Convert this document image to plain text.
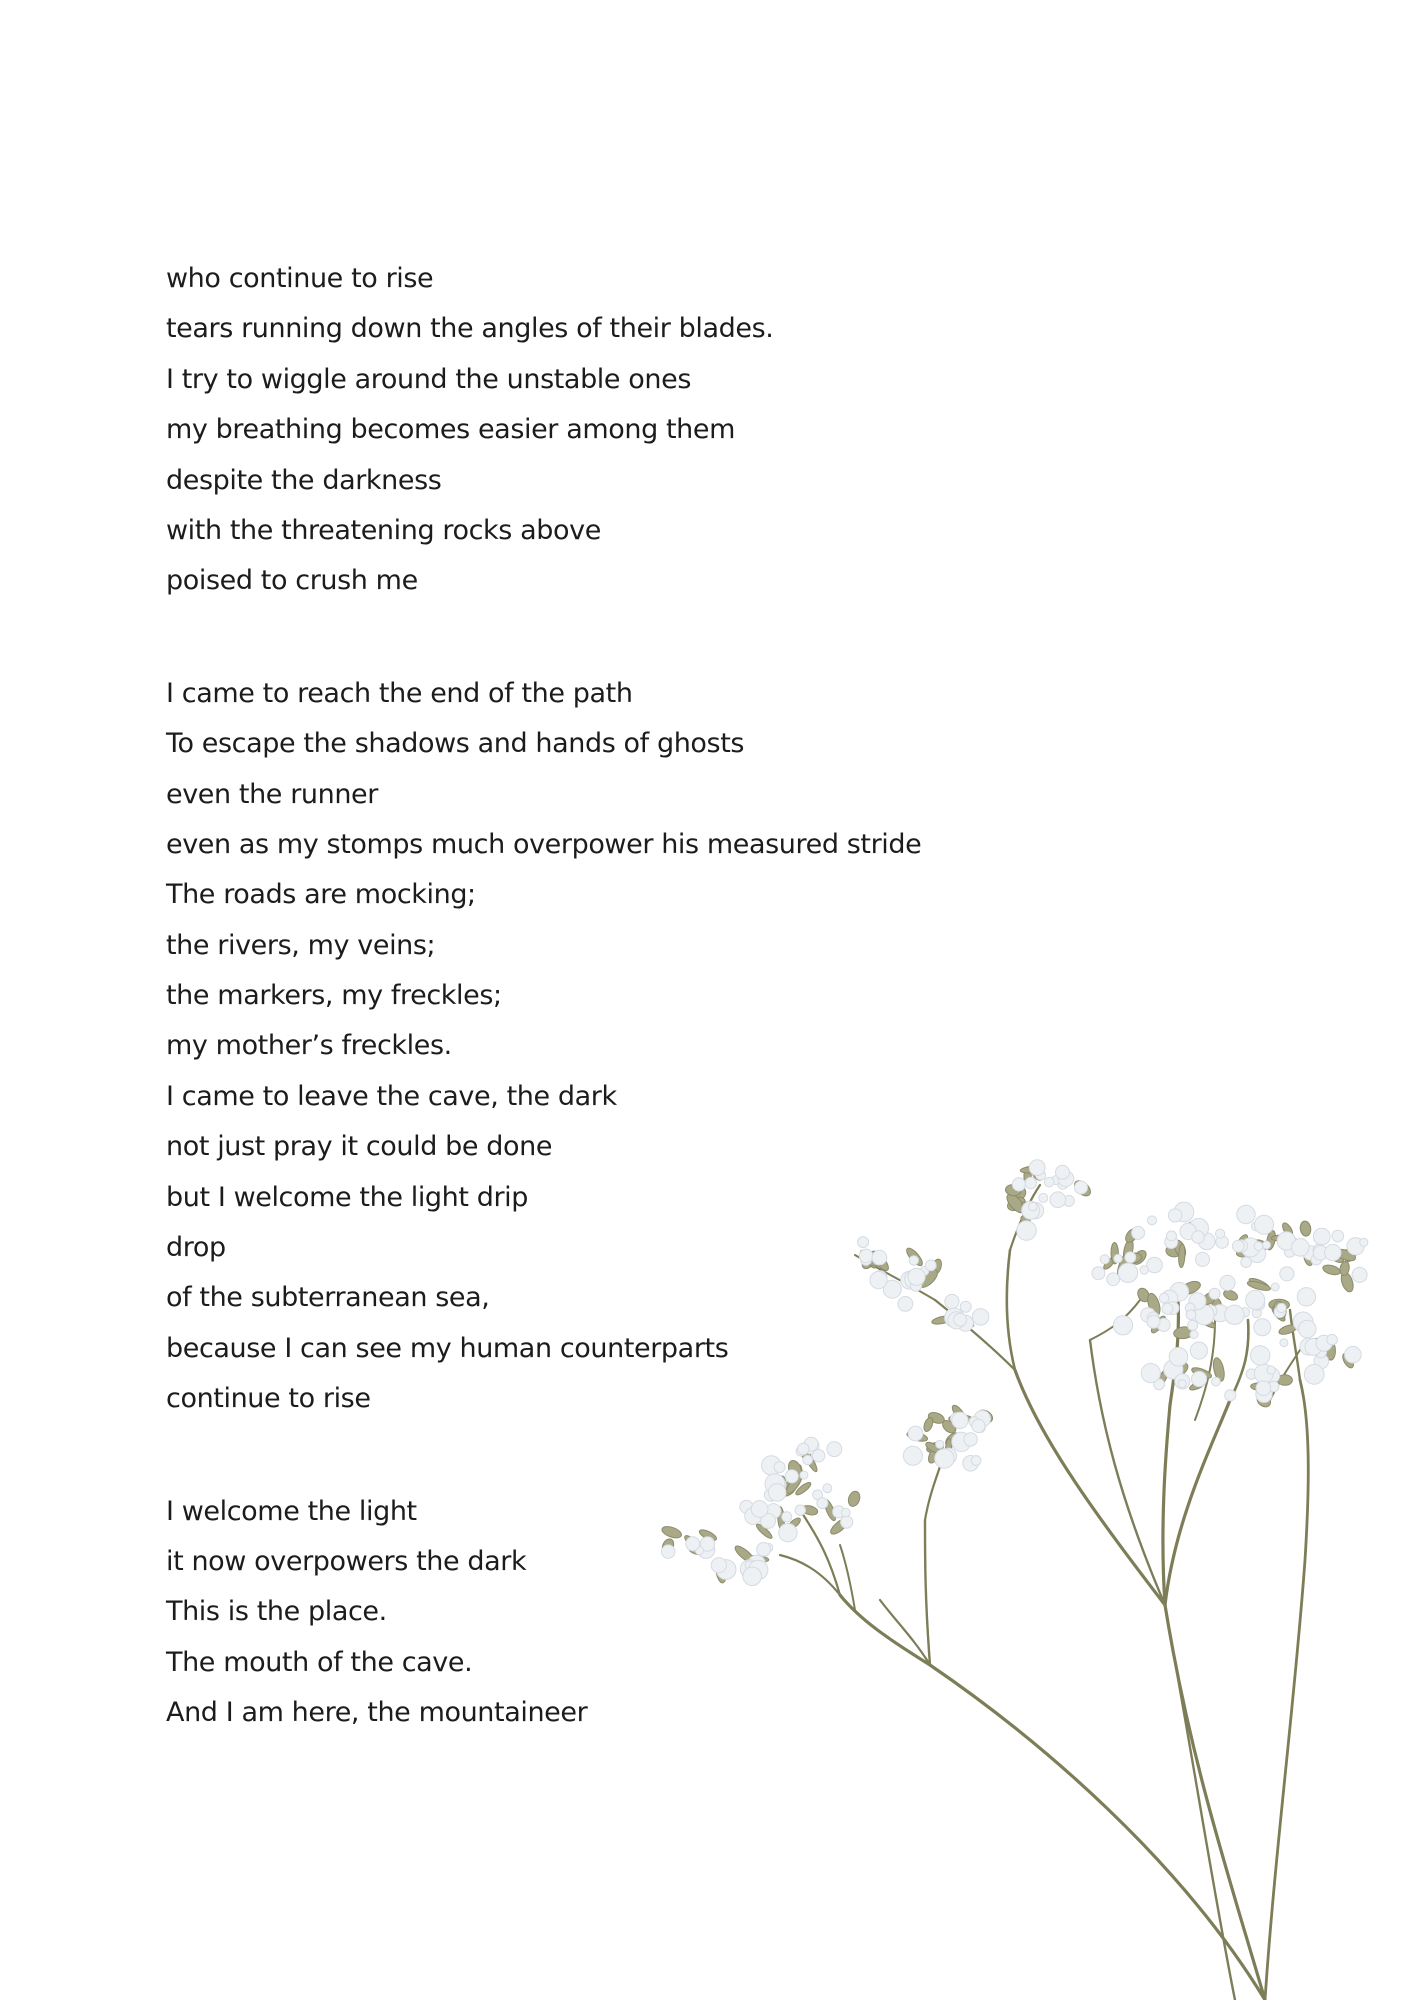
who continue to rise
tears running down the angles of their blades.
I try to wiggle around the unstable ones
my breathing becomes easier among them
despite the darkness
with the threatening rocks above
poised to crush me
I came to reach the end of the path
To escape the shadows and hands of ghosts
even the runner
even as my stomps much overpower his measured stride
The roads are mocking;
the rivers, my veins;
the markers, my freckles;
my mother’s freckles.
I came to leave the cave, the dark
not just pray it could be done
but I welcome the light drip
drop
of the subterranean sea,
because I can see my human counterparts
continue to rise
I welcome the light
it now overpowers the dark
This is the place.
The mouth of the cave.
And I am here, the mountaineer
